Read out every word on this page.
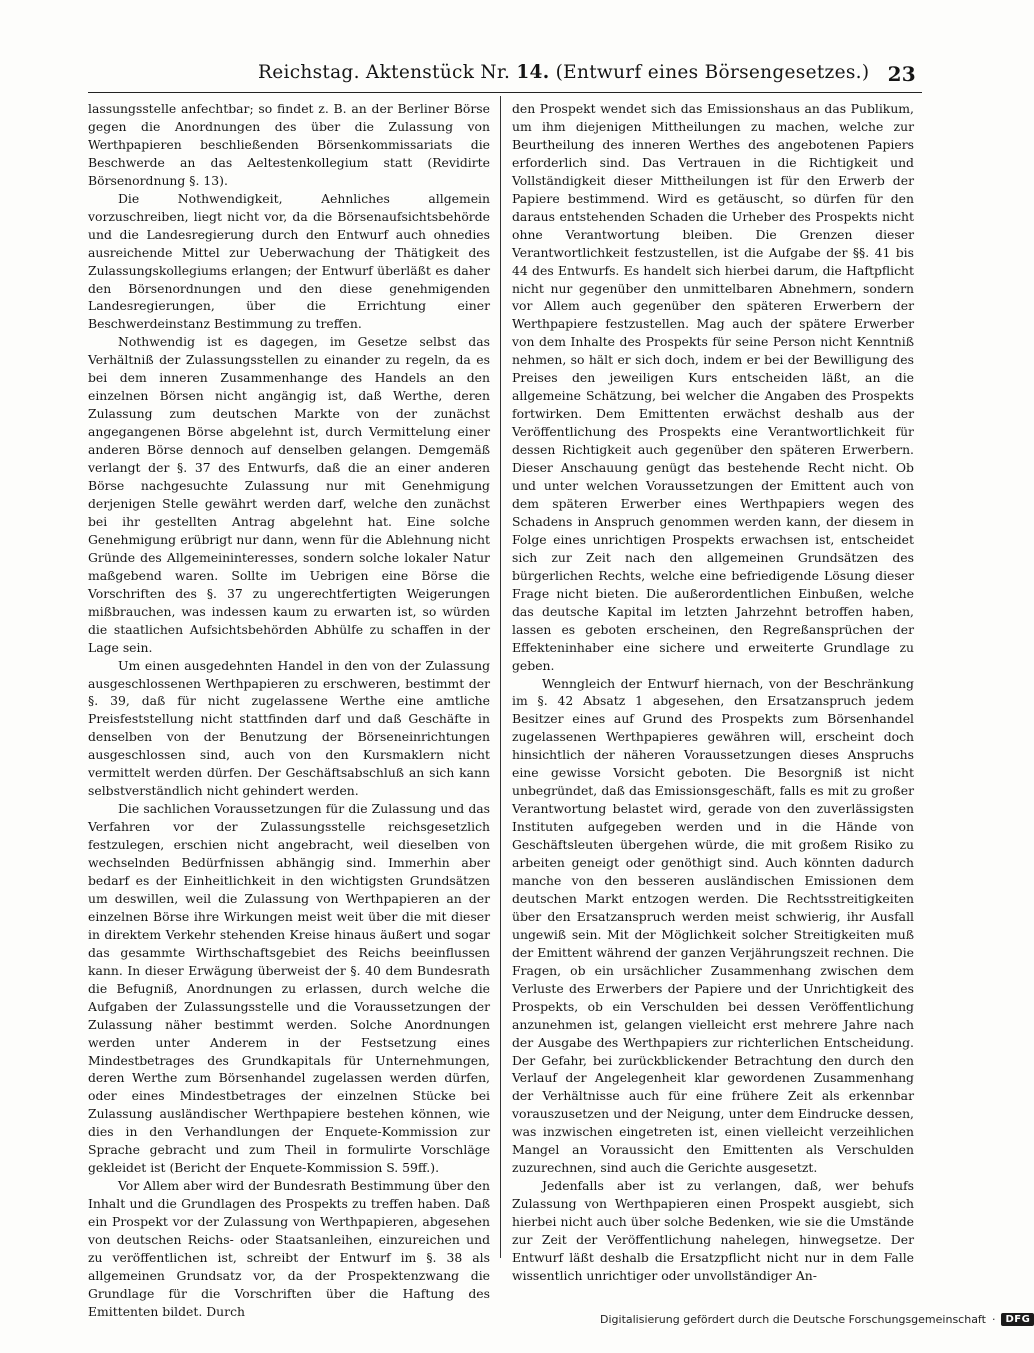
Reichstag. Aktenstück Nr. 14. (Entwurf eines Börsengesetzes.) 23

lassungsstelle anfechtbar; so findet z. B. an der Berliner Börse gegen die Anordnungen des über die Zulassung von Werthpapieren beschließenden Börsenkommissariats die Beschwerde an das Aeltestenkollegium statt (Revidirte Börsenordnung §. 13).

Die Nothwendigkeit, Aehnliches allgemein vorzuschreiben, liegt nicht vor, da die Börsenaufsichtsbehörde und die Landesregierung durch den Entwurf auch ohnedies ausreichende Mittel zur Ueberwachung der Thätigkeit des Zulassungskollegiums erlangen; der Entwurf überläßt es daher den Börsenordnungen und den diese genehmigenden Landesregierungen, über die Errichtung einer Beschwerdeinstanz Bestimmung zu treffen.

Nothwendig ist es dagegen, im Gesetze selbst das Verhältniß der Zulassungsstellen zu einander zu regeln, da es bei dem inneren Zusammenhange des Handels an den einzelnen Börsen nicht angängig ist, daß Werthe, deren Zulassung zum deutschen Markte von der zunächst angegangenen Börse abgelehnt ist, durch Vermittelung einer anderen Börse dennoch auf denselben gelangen. Demgemäß verlangt der §. 37 des Entwurfs, daß die an einer anderen Börse nachgesuchte Zulassung nur mit Genehmigung derjenigen Stelle gewährt werden darf, welche den zunächst bei ihr gestellten Antrag abgelehnt hat. Eine solche Genehmigung erübrigt nur dann, wenn für die Ablehnung nicht Gründe des Allgemeininteresses, sondern solche lokaler Natur maßgebend waren. Sollte im Uebrigen eine Börse die Vorschriften des §. 37 zu ungerechtfertigten Weigerungen mißbrauchen, was indessen kaum zu erwarten ist, so würden die staatlichen Aufsichtsbehörden Abhülfe zu schaffen in der Lage sein.

Um einen ausgedehnten Handel in den von der Zulassung ausgeschlossenen Werthpapieren zu erschweren, bestimmt der §. 39, daß für nicht zugelassene Werthe eine amtliche Preisfeststellung nicht stattfinden darf und daß Geschäfte in denselben von der Benutzung der Börseneinrichtungen ausgeschlossen sind, auch von den Kursmaklern nicht vermittelt werden dürfen. Der Geschäftsabschluß an sich kann selbstverständlich nicht gehindert werden.

Die sachlichen Voraussetzungen für die Zulassung und das Verfahren vor der Zulassungsstelle reichsgesetzlich festzulegen, erschien nicht angebracht, weil dieselben von wechselnden Bedürfnissen abhängig sind. Immerhin aber bedarf es der Einheitlichkeit in den wichtigsten Grundsätzen um deswillen, weil die Zulassung von Werthpapieren an der einzelnen Börse ihre Wirkungen meist weit über die mit dieser in direktem Verkehr stehenden Kreise hinaus äußert und sogar das gesammte Wirthschaftsgebiet des Reichs beeinflussen kann. In dieser Erwägung überweist der §. 40 dem Bundesrath die Befugniß, Anordnungen zu erlassen, durch welche die Aufgaben der Zulassungsstelle und die Voraussetzungen der Zulassung näher bestimmt werden. Solche Anordnungen werden unter Anderem in der Festsetzung eines Mindestbetrages des Grundkapitals für Unternehmungen, deren Werthe zum Börsenhandel zugelassen werden dürfen, oder eines Mindestbetrages der einzelnen Stücke bei Zulassung ausländischer Werthpapiere bestehen können, wie dies in den Verhandlungen der Enquete-Kommission zur Sprache gebracht und zum Theil in formulirte Vorschläge gekleidet ist (Bericht der Enquete-Kommission S. 59ff.).

Vor Allem aber wird der Bundesrath Bestimmung über den Inhalt und die Grundlagen des Prospekts zu treffen haben. Daß ein Prospekt vor der Zulassung von Werthpapieren, abgesehen von deutschen Reichs- oder Staatsanleihen, einzureichen und zu veröffentlichen ist, schreibt der Entwurf im §. 38 als allgemeinen Grundsatz vor, da der Prospektenzwang die Grundlage für die Vorschriften über die Haftung des Emittenten bildet. Durch

den Prospekt wendet sich das Emissionshaus an das Publikum, um ihm diejenigen Mittheilungen zu machen, welche zur Beurtheilung des inneren Werthes des angebotenen Papiers erforderlich sind. Das Vertrauen in die Richtigkeit und Vollständigkeit dieser Mittheilungen ist für den Erwerb der Papiere bestimmend. Wird es getäuscht, so dürfen für den daraus entstehenden Schaden die Urheber des Prospekts nicht ohne Verantwortung bleiben. Die Grenzen dieser Verantwortlichkeit festzustellen, ist die Aufgabe der §§. 41 bis 44 des Entwurfs. Es handelt sich hierbei darum, die Haftpflicht nicht nur gegenüber den unmittelbaren Abnehmern, sondern vor Allem auch gegenüber den späteren Erwerbern der Werthpapiere festzustellen. Mag auch der spätere Erwerber von dem Inhalte des Prospekts für seine Person nicht Kenntniß nehmen, so hält er sich doch, indem er bei der Bewilligung des Preises den jeweiligen Kurs entscheiden läßt, an die allgemeine Schätzung, bei welcher die Angaben des Prospekts fortwirken. Dem Emittenten erwächst deshalb aus der Veröffentlichung des Prospekts eine Verantwortlichkeit für dessen Richtigkeit auch gegenüber den späteren Erwerbern. Dieser Anschauung genügt das bestehende Recht nicht. Ob und unter welchen Voraussetzungen der Emittent auch von dem späteren Erwerber eines Werthpapiers wegen des Schadens in Anspruch genommen werden kann, der diesem in Folge eines unrichtigen Prospekts erwachsen ist, entscheidet sich zur Zeit nach den allgemeinen Grundsätzen des bürgerlichen Rechts, welche eine befriedigende Lösung dieser Frage nicht bieten. Die außerordentlichen Einbußen, welche das deutsche Kapital im letzten Jahrzehnt betroffen haben, lassen es geboten erscheinen, den Regreßansprüchen der Effekteninhaber eine sichere und erweiterte Grundlage zu geben.

Wenngleich der Entwurf hiernach, von der Beschränkung im §. 42 Absatz 1 abgesehen, den Ersatzanspruch jedem Besitzer eines auf Grund des Prospekts zum Börsenhandel zugelassenen Werthpapieres gewähren will, erscheint doch hinsichtlich der näheren Voraussetzungen dieses Anspruchs eine gewisse Vorsicht geboten. Die Besorgniß ist nicht unbegründet, daß das Emissionsgeschäft, falls es mit zu großer Verantwortung belastet wird, gerade von den zuverlässigsten Instituten aufgegeben werden und in die Hände von Geschäftsleuten übergehen würde, die mit großem Risiko zu arbeiten geneigt oder genöthigt sind. Auch könnten dadurch manche von den besseren ausländischen Emissionen dem deutschen Markt entzogen werden. Die Rechtsstreitigkeiten über den Ersatzanspruch werden meist schwierig, ihr Ausfall ungewiß sein. Mit der Möglichkeit solcher Streitigkeiten muß der Emittent während der ganzen Verjährungszeit rechnen. Die Fragen, ob ein ursächlicher Zusammenhang zwischen dem Verluste des Erwerbers der Papiere und der Unrichtigkeit des Prospekts, ob ein Verschulden bei dessen Veröffentlichung anzunehmen ist, gelangen vielleicht erst mehrere Jahre nach der Ausgabe des Werthpapiers zur richterlichen Entscheidung. Der Gefahr, bei zurückblickender Betrachtung den durch den Verlauf der Angelegenheit klar gewordenen Zusammenhang der Verhältnisse auch für eine frühere Zeit als erkennbar vorauszusetzen und der Neigung, unter dem Eindrucke dessen, was inzwischen eingetreten ist, einen vielleicht verzeihlichen Mangel an Voraussicht den Emittenten als Verschulden zuzurechnen, sind auch die Gerichte ausgesetzt.

Jedenfalls aber ist zu verlangen, daß, wer behufs Zulassung von Werthpapieren einen Prospekt ausgiebt, sich hierbei nicht auch über solche Bedenken, wie sie die Umstände zur Zeit der Veröffentlichung nahelegen, hinwegsetze. Der Entwurf läßt deshalb die Ersatzpflicht nicht nur in dem Falle wissentlich unrichtiger oder unvollständiger An-

Digitalisierung gefördert durch die Deutsche Forschungsgemeinschaft ·	DFG
